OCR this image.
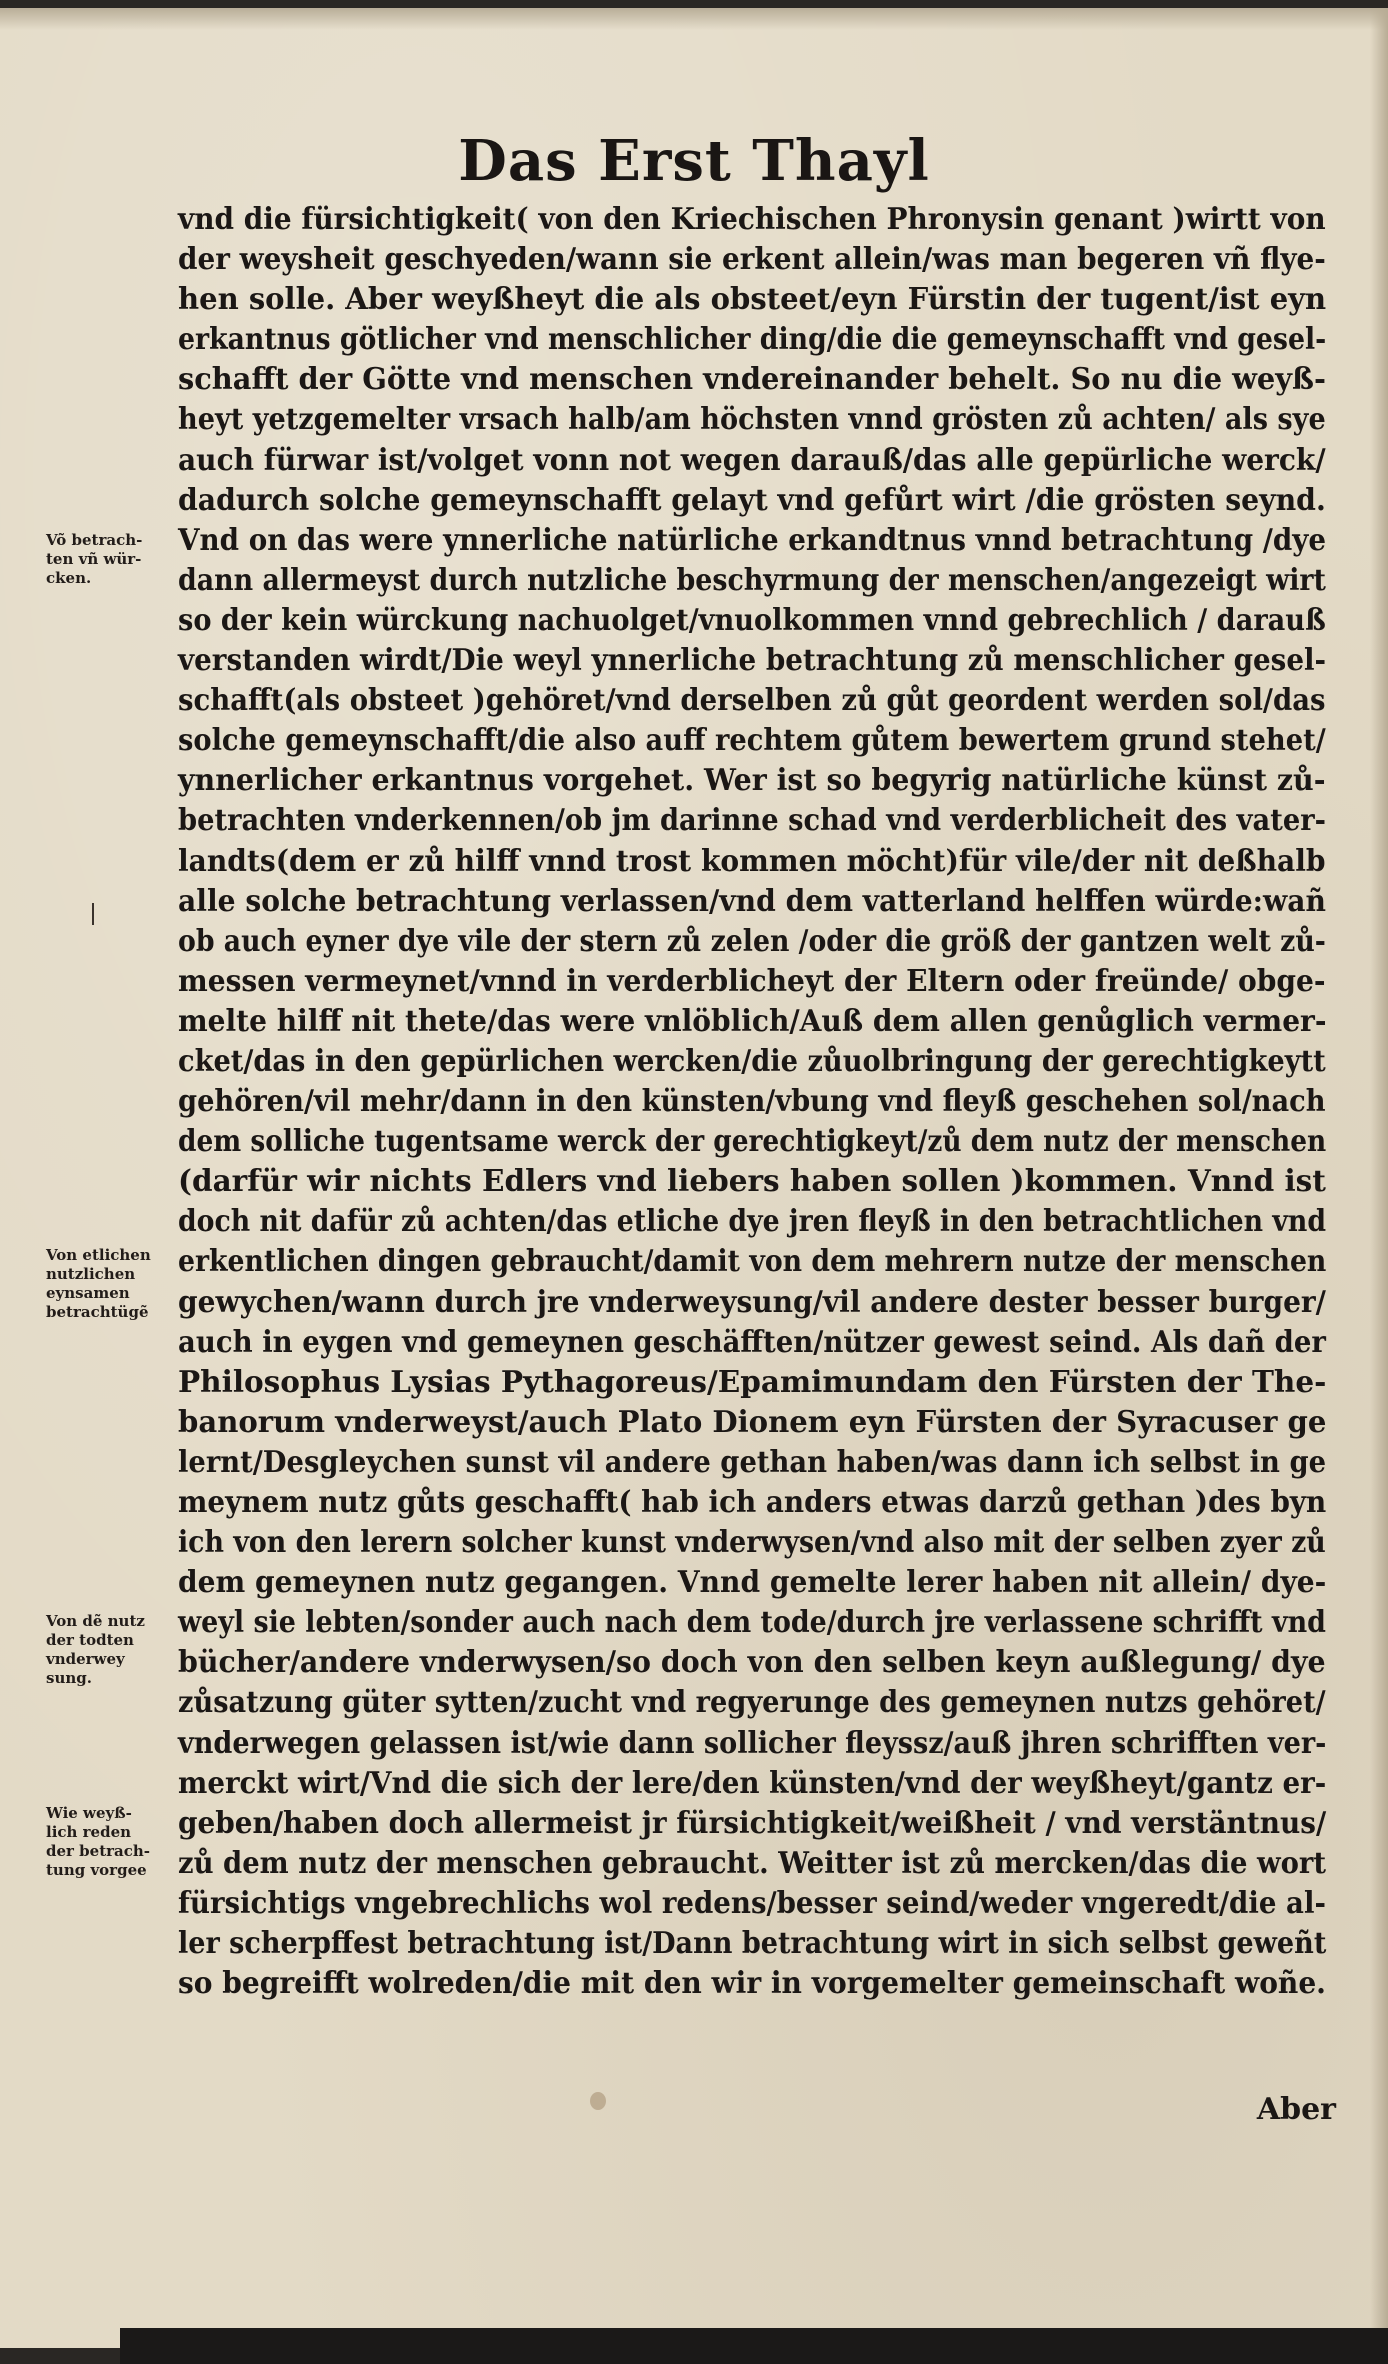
Das Erst Thayl
Võ betrach-
ten vñ wür-
cken.
Von etlichen
nutzlichen
eynsamen
betrachtügẽ
Von dẽ nutz
der todten
vnderwey
sung.
Wie weyß-
lich reden
der betrach-
tung vorgee
vnd die fürsichtigkeit( von den Kriechischen Phronysin genant )wirtt von
der weysheit geschyeden/wann sie erkent allein/was man begeren vñ flye-
hen solle. Aber weyßheyt die als obsteet/eyn Fürstin der tugent/ist eyn
erkantnus götlicher vnd menschlicher ding/die die gemeynschafft vnd gesel-
schafft der Götte vnd menschen vndereinander behelt. So nu die weyß-
heyt yetzgemelter vrsach halb/am höchsten vnnd grösten zů achten/ als sye
auch fürwar ist/volget vonn not wegen darauß/das alle gepürliche werck/
dadurch solche gemeynschafft gelayt vnd gefůrt wirt /die grösten seynd.
Vnd on das were ynnerliche natürliche erkandtnus vnnd betrachtung /dye
dann allermeyst durch nutzliche beschyrmung der menschen/angezeigt wirt
so der kein würckung nachuolget/vnuolkommen vnnd gebrechlich / darauß
verstanden wirdt/Die weyl ynnerliche betrachtung zů menschlicher gesel-
schafft(als obsteet )gehöret/vnd derselben zů gůt geordent werden sol/das
solche gemeynschafft/die also auff rechtem gůtem bewertem grund stehet/
ynnerlicher erkantnus vorgehet. Wer ist so begyrig natürliche künst zů-
betrachten vnderkennen/ob jm darinne schad vnd verderblicheit des vater-
landts(dem er zů hilff vnnd trost kommen möcht)für vile/der nit deßhalb
alle solche betrachtung verlassen/vnd dem vatterland helffen würde:wañ
ob auch eyner dye vile der stern zů zelen /oder die größ der gantzen welt zů-
messen vermeynet/vnnd in verderblicheyt der Eltern oder freünde/ obge-
melte hilff nit thete/das were vnlöblich/Auß dem allen genůglich vermer-
cket/das in den gepürlichen wercken/die zůuolbringung der gerechtigkeytt
gehören/vil mehr/dann in den künsten/vbung vnd fleyß geschehen sol/nach
dem solliche tugentsame werck der gerechtigkeyt/zů dem nutz der menschen
(darfür wir nichts Edlers vnd liebers haben sollen )kommen. Vnnd ist
doch nit dafür zů achten/das etliche dye jren fleyß in den betrachtlichen vnd
erkentlichen dingen gebraucht/damit von dem mehrern nutze der menschen
gewychen/wann durch jre vnderweysung/vil andere dester besser burger/
auch in eygen vnd gemeynen geschäfften/nützer gewest seind. Als dañ der
Philosophus Lysias Pythagoreus/Epamimundam den Fürsten der The-
banorum vnderweyst/auch Plato Dionem eyn Fürsten der Syracuser ge
lernt/Desgleychen sunst vil andere gethan haben/was dann ich selbst in ge
meynem nutz gůts geschafft( hab ich anders etwas darzů gethan )des byn
ich von den lerern solcher kunst vnderwysen/vnd also mit der selben zyer zů
dem gemeynen nutz gegangen. Vnnd gemelte lerer haben nit allein/ dye-
weyl sie lebten/sonder auch nach dem tode/durch jre verlassene schrifft vnd
bücher/andere vnderwysen/so doch von den selben keyn außlegung/ dye
zůsatzung güter sytten/zucht vnd regyerunge des gemeynen nutzs gehöret/
vnderwegen gelassen ist/wie dann sollicher fleyssz/auß jhren schrifften ver-
merckt wirt/Vnd die sich der lere/den künsten/vnd der weyßheyt/gantz er-
geben/haben doch allermeist jr fürsichtigkeit/weißheit / vnd verstäntnus/
zů dem nutz der menschen gebraucht. Weitter ist zů mercken/das die wort
fürsichtigs vngebrechlichs wol redens/besser seind/weder vngeredt/die al-
ler scherpffest betrachtung ist/Dann betrachtung wirt in sich selbst geweñt
so begreifft wolreden/die mit den wir in vorgemelter gemeinschaft woñe.
Aber
